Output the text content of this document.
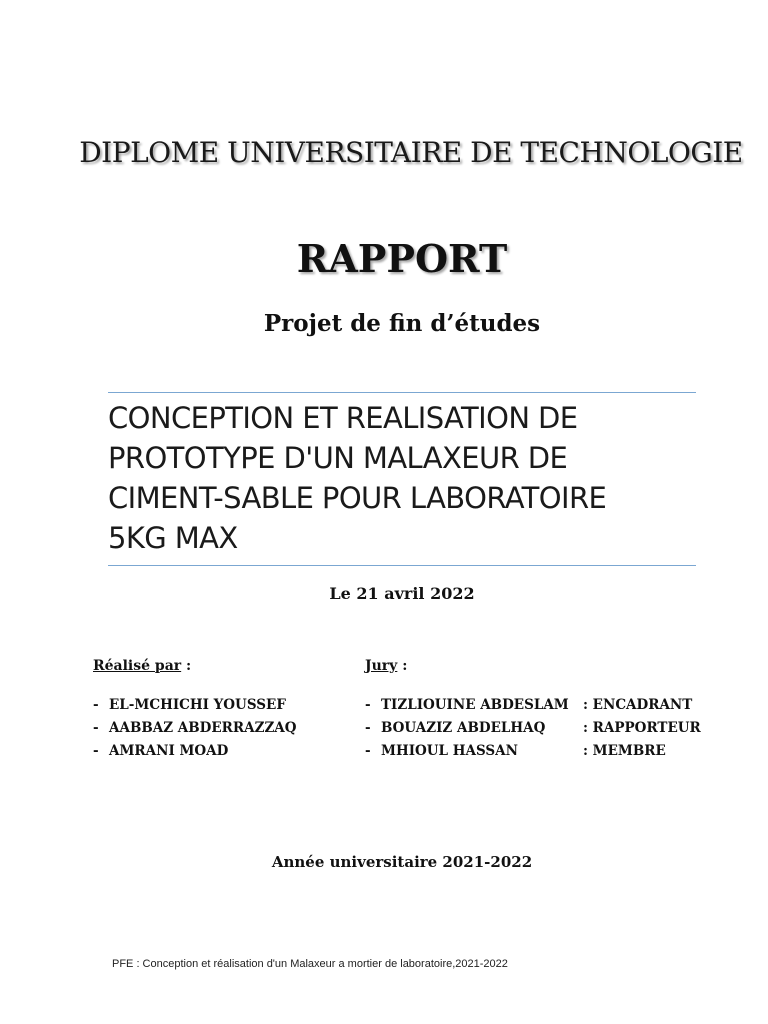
DIPLOME UNIVERSITAIRE DE TECHNOLOGIE
RAPPORT
Projet de fin d’études
CONCEPTION ET REALISATION DE
PROTOTYPE D'UN MALAXEUR DE
CIMENT-SABLE POUR LABORATOIRE
5KG MAX
Le 21 avril 2022
Réalisé par :
- EL-MCHICHI YOUSSEF
- AABBAZ ABDERRAZZAQ
- AMRANI MOAD
Jury :
- TIZLIOUINE ABDESLAM : ENCADRANT
- BOUAZIZ ABDELHAQ	: RAPPORTEUR
- MHIOUL HASSAN	: MEMBRE
Année universitaire 2021-2022
PFE : Conception et réalisation d'un Malaxeur a mortier de laboratoire,2021-2022
